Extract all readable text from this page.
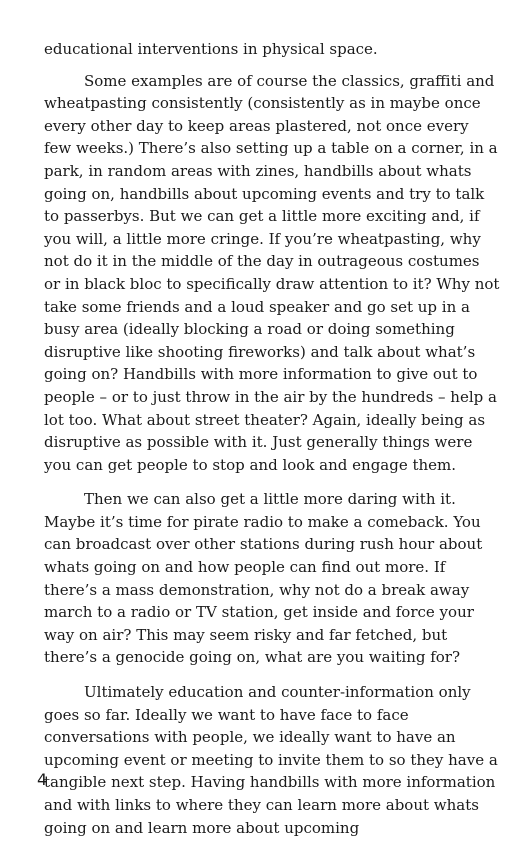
educational interventions in physical space.

Some examples are of course the classics, graffiti and wheatpasting consistently (consistently as in maybe once every other day to keep areas plastered, not once every few weeks.) There’s also setting up a table on a corner, in a park, in random areas with zines, handbills about whats going on, handbills about upcoming events and try to talk to passerbys. But we can get a little more exciting and, if you will, a little more cringe. If you’re wheatpasting, why not do it in the middle of the day in outrageous costumes or in black bloc to specifically draw attention to it? Why not take some friends and a loud speaker and go set up in a busy area (ideally blocking a road or doing something disruptive like shooting fireworks) and talk about what’s going on? Handbills with more information to give out to people – or to just throw in the air by the hundreds – help a lot too. What about street theater? Again, ideally being as disruptive as possible with it. Just generally things were you can get people to stop and look and engage them.

Then we can also get a little more daring with it. Maybe it’s time for pirate radio to make a comeback. You can broadcast over other stations during rush hour about whats going on and how people can find out more. If there’s a mass demonstration, why not do a break away march to a radio or TV station, get inside and force your way on air? This may seem risky and far fetched, but there’s a genocide going on, what are you waiting for?

Ultimately education and counter-information only goes so far. Ideally we want to have face to face conversations with people, we ideally want to have an upcoming event or meeting to invite them to so they have a tangible next step. Having handbills with more information and with links to where they can learn more about whats going on and learn more about upcoming

4
